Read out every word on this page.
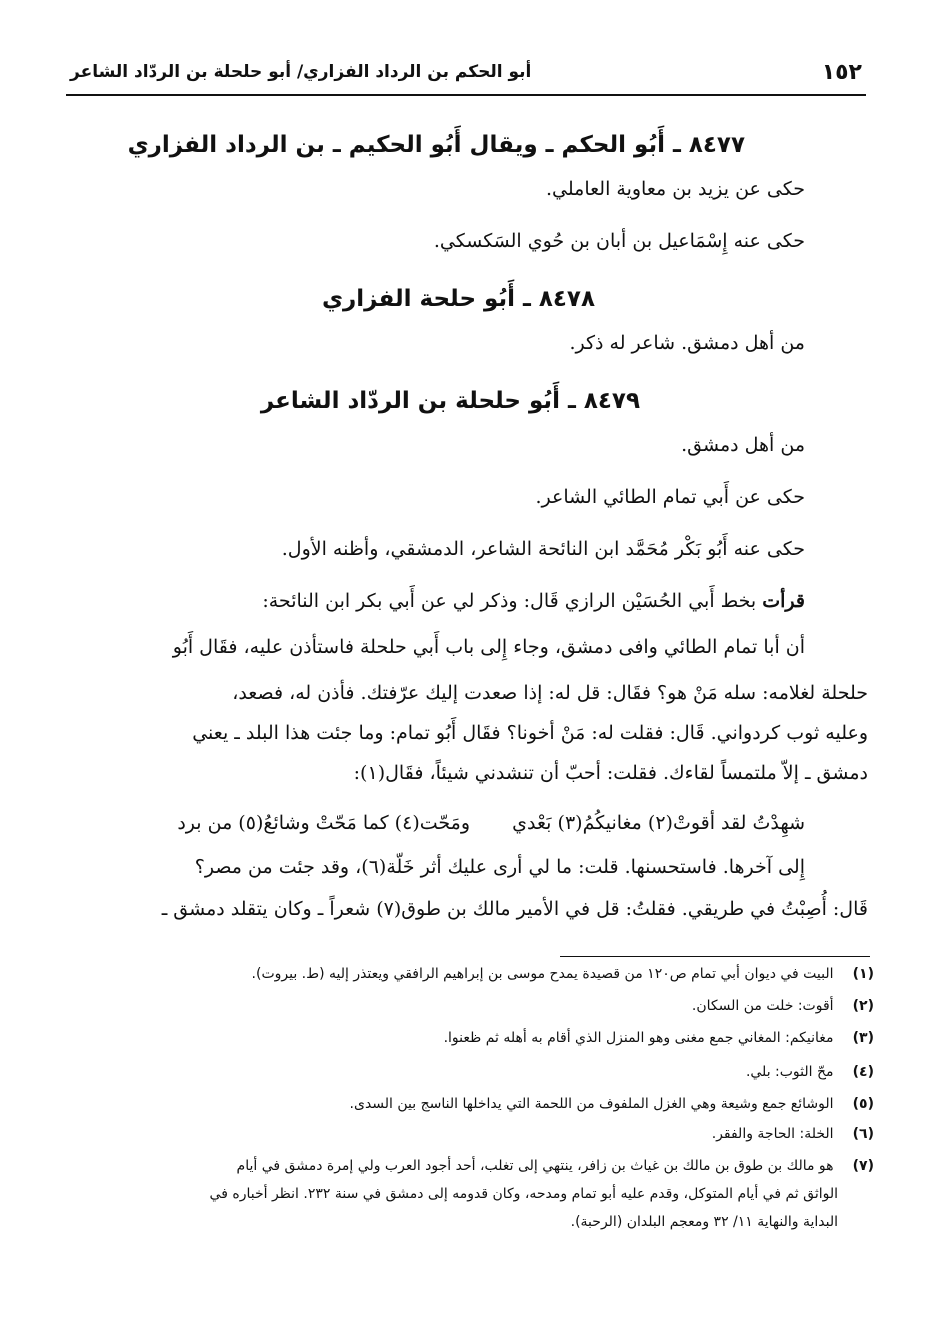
١٥٢
أبو الحكم بن الرداد الفزاري/ أبو حلحلة بن الردّاد الشاعر
٨٤٧٧ ـ أَبُو الحكم ـ ويقال أَبُو الحكيم ـ بن الرداد الفزاري
حكى عن يزيد بن معاوية العاملي.
حكى عنه إِسْمَاعيل بن أبان بن حُوي السَكسكي.
٨٤٧٨ ـ أَبُو حلحة الفزاري
من أهل دمشق. شاعر له ذكر.
٨٤٧٩ ـ أَبُو حلحلة بن الردّاد الشاعر
من أهل دمشق.
حكى عن أَبي تمام الطائي الشاعر.
حكى عنه أَبُو بَكْر مُحَمَّد ابن النائحة الشاعر، الدمشقي، وأظنه الأول.
قرأت بخط أَبي الحُسَيْن الرازي قَال: وذكر لي عن أَبي بكر ابن النائحة:
أن أبا تمام الطائي وافى دمشق، وجاء إِلى باب أَبي حلحلة فاستأذن عليه، فقَال أَبُو
حلحلة لغلامه: سله مَنْ هو؟ فقَال: قل له: إذا صعدت إليك عرّفتك. فأذن له، فصعد،
وعليه ثوب كردواني. قَال: فقلت له: مَنْ أخونا؟ فقَال أَبُو تمام: وما جئت هذا البلد ـ يعني
دمشق ـ إلاّ ملتمساً لقاءك. فقلت: أحبّ أن تنشدني شيئاً، فقَال(١):
شهِدْتُ لقد أقوتْ(٢) مغانيكُمُ(٣) بَعْدي
ومَحّت(٤) كما مَحّتْ وشائعُ(٥) من برد
إِلى آخرها. فاستحسنها. قلت: ما لي أرى عليك أثر خَلّة(٦)، وقد جئت من مصر؟
قَال: أُصِبْتُ في طريقي. فقلتُ: قل في الأمير مالك بن طوق(٧) شعراً ـ وكان يتقلد دمشق ـ
(١) البيت في ديوان أبي تمام ص١٢٠ من قصيدة يمدح موسى بن إبراهيم الرافقي ويعتذر إليه (ط. بيروت).
(٢) أقوت: خلت من السكان.
(٣) مغانيكم: المغاني جمع مغنى وهو المنزل الذي أقام به أهله ثم ظعنوا.
(٤) محّ الثوب: بلي.
(٥) الوشائع جمع وشيعة وهي الغزل الملفوف من اللحمة التي يداخلها الناسج بين السدى.
(٦) الخلة: الحاجة والفقر.
(٧) هو مالك بن طوق بن مالك بن غياث بن زافر، ينتهي إلى تغلب، أحد أجود العرب ولي إمرة دمشق في أيام
الواثق ثم في أيام المتوكل، وقدم عليه أبو تمام ومدحه، وكان قدومه إلى دمشق في سنة ٢٣٢. انظر أخباره في
البداية والنهاية ١١/ ٣٢ ومعجم البلدان (الرحبة).
